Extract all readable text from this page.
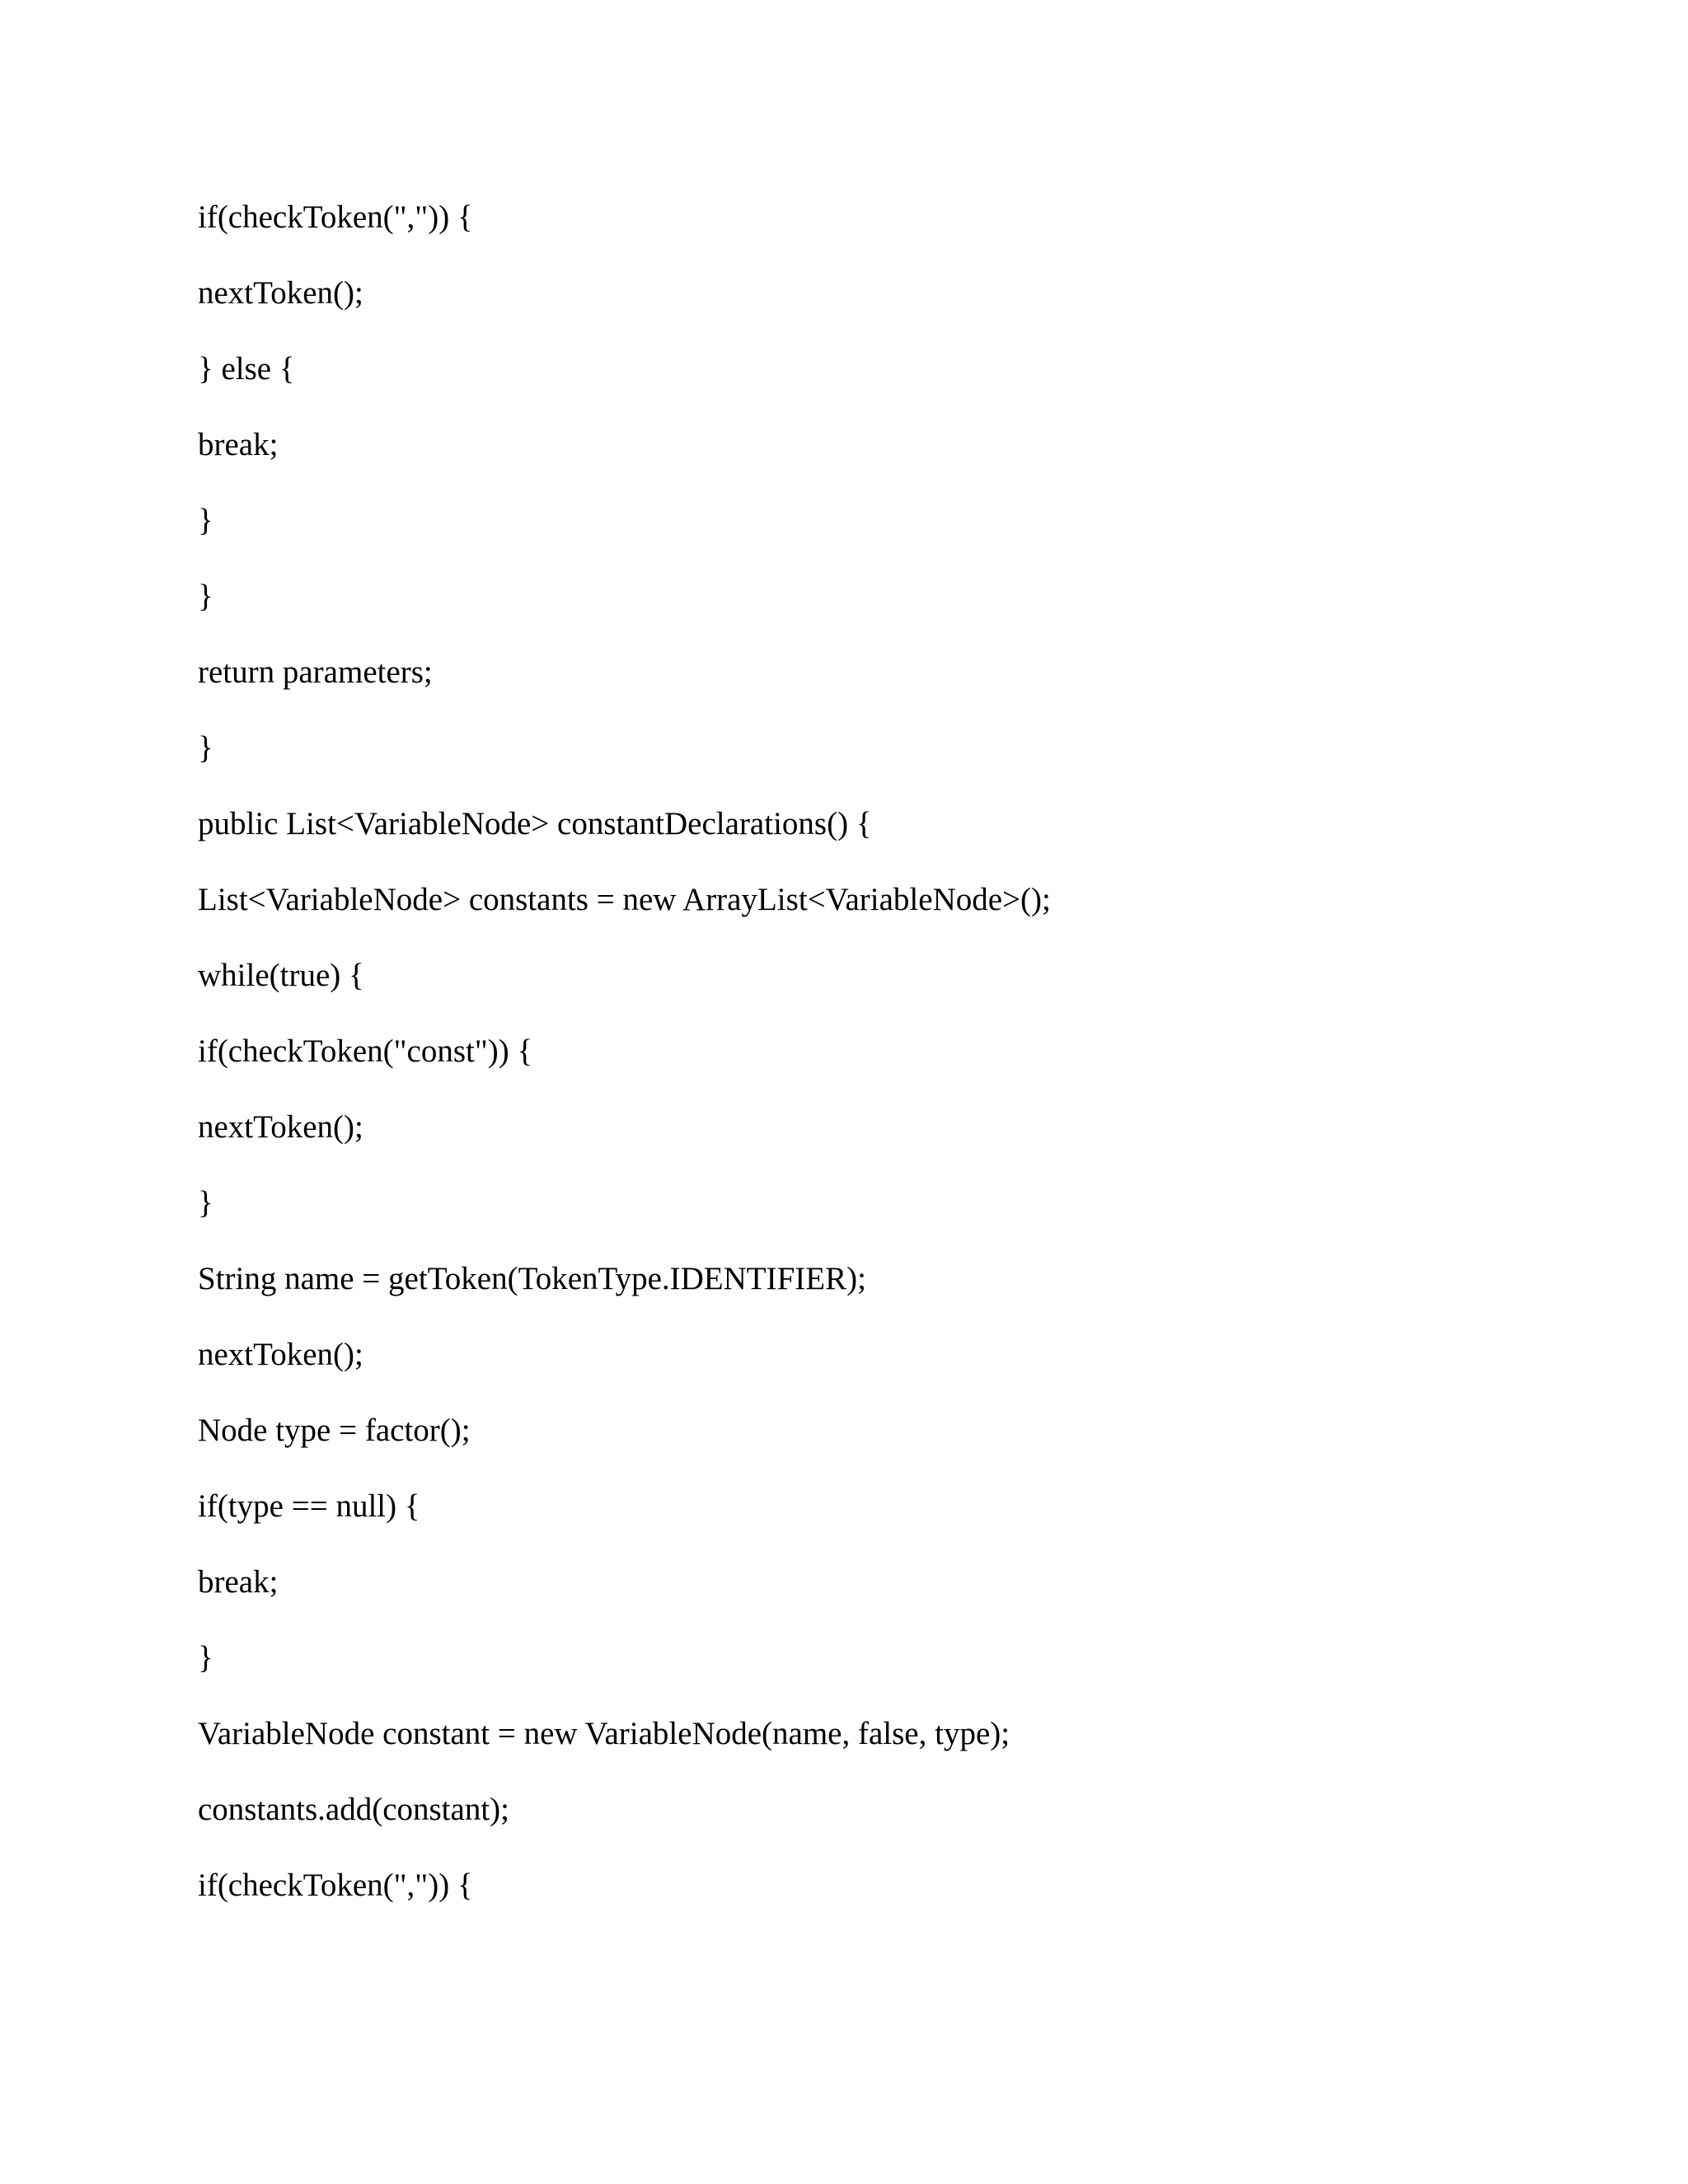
if(checkToken(",")) {
nextToken();
} else {
break;
}
}
return parameters;
}
public List<VariableNode> constantDeclarations() {
List<VariableNode> constants = new ArrayList<VariableNode>();
while(true) {
if(checkToken("const")) {
nextToken();
}
String name = getToken(TokenType.IDENTIFIER);
nextToken();
Node type = factor();
if(type == null) {
break;
}
VariableNode constant = new VariableNode(name, false, type);
constants.add(constant);
if(checkToken(",")) {
